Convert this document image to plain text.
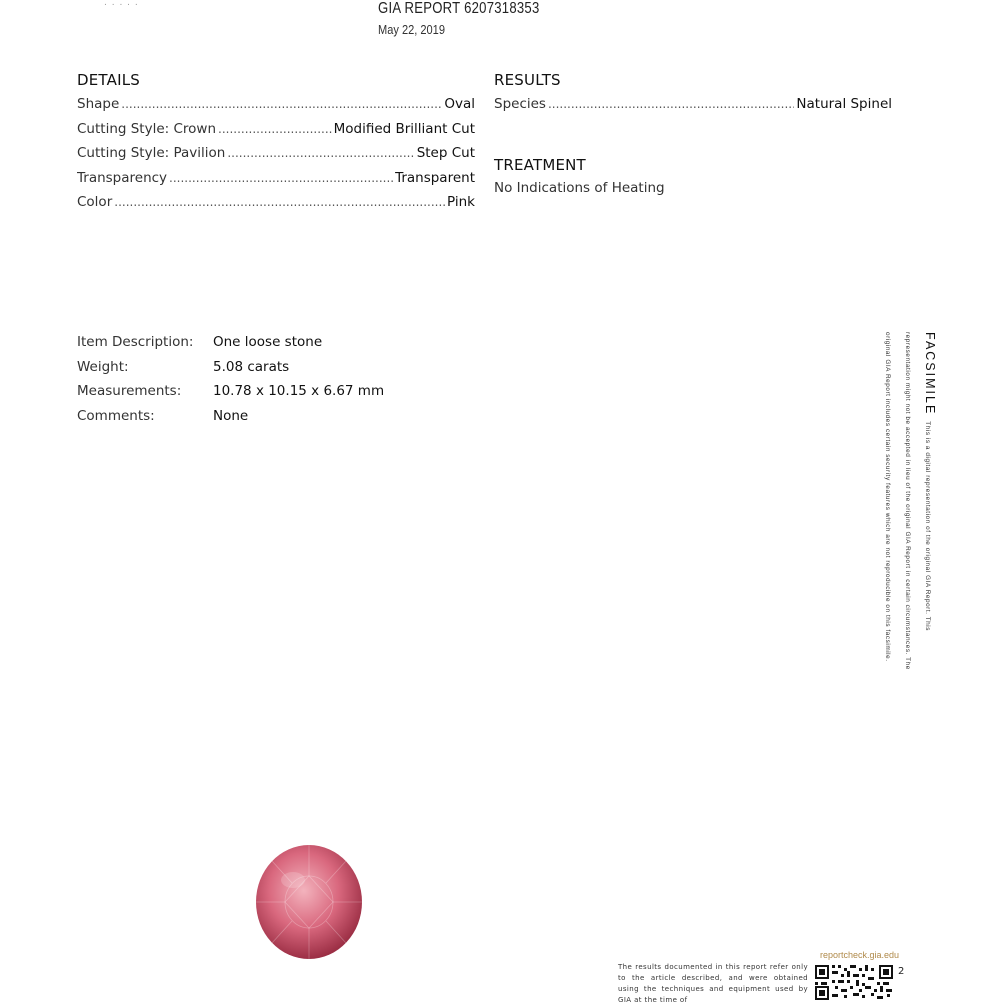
. . . . .	GIA REPORT 6207318353
May 22, 2019
DETAILS
Shape .....	Oval
Cutting Style: Crown .....	Modified Brilliant Cut
Cutting Style: Pavilion .....	Step Cut
Transparency .....	Transparent
Color .....	Pink
RESULTS
Species .....	Natural Spinel
TREATMENT
No Indications of Heating
Item Description:	One loose stone
Weight:	5.08 carats
Measurements:	10.78 x 10.15 x 6.67 mm
Comments:	None
FACSIMILEThis is a digital representation of the original GIA Report. This representation might not be accepted in lieu of the original GIA Report in certain circumstances. The original GIA Report includes certain security features which are not reproducible on this facsimile.
reportcheck.gia.edu
The results documented in this report refer only to the article described, and were obtained using the techniques and equipment used by GIA at the time of
2
